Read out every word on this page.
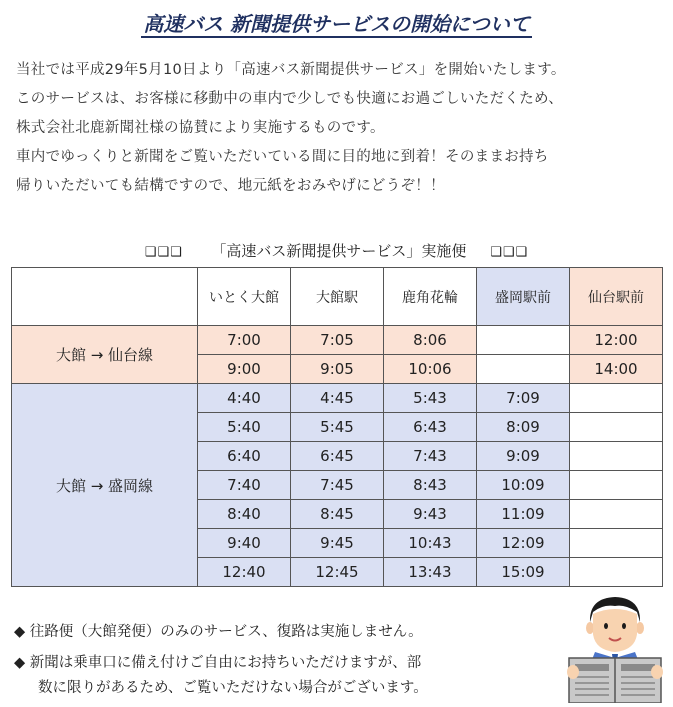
高速バス 新聞提供サービスの開始について
当社では平成29年5月10日より「高速バス新聞提供サービス」を開始いたします。
このサービスは、お客様に移動中の車内で少しでも快適にお過ごしいただくため、
株式会社北鹿新聞社様の協賛により実施するものです。
車内でゆっくりと新聞をご覧いただいている間に目的地に到着！そのままお持ち
帰りいただいても結構ですので、地元紙をおみやげにどうぞ！！
❑❑❑ 「高速バス新聞提供サービス」実施便 ❑❑❑
	いとく大館	大館駅	鹿角花輪	盛岡駅前	仙台駅前
大館 → 仙台線	7:00	7:05	8:06		12:00
	9:00	9:05	10:06		14:00
大館 → 盛岡線	4:40	4:45	5:43	7:09	
	5:40	5:45	6:43	8:09	
	6:40	6:45	7:43	9:09	
	7:40	7:45	8:43	10:09	
	8:40	8:45	9:43	11:09	
	9:40	9:45	10:43	12:09	
	12:40	12:45	13:43	15:09	
◆ 往路便（大館発便）のみのサービス、復路は実施しません。
◆ 新聞は乗車口に備え付けご自由にお持ちいただけますが、部
数に限りがあるため、ご覧いただけない場合がございます。
